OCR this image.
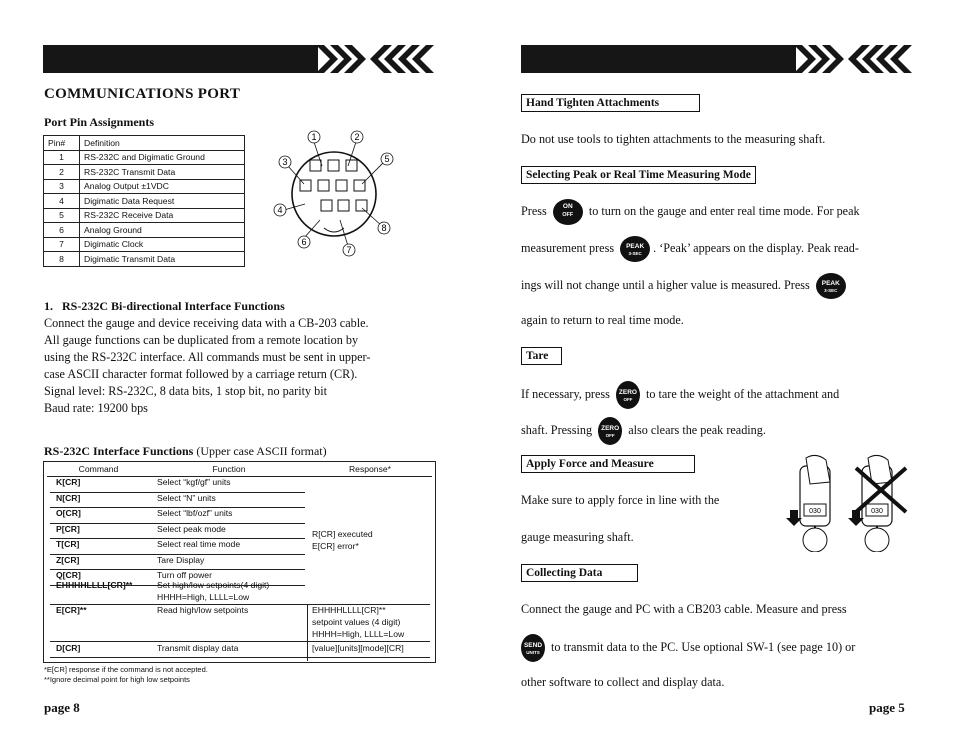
COMMUNICATIONS PORT
Port Pin Assignments
Pin#	Definition
1	RS-232C and Digimatic Ground
2	RS-232C Transmit Data
3	Analog Output ±1VDC
4	Digimatic Data Request
5	RS-232C Receive Data
6	Analog Ground
7	Digimatic Clock
8	Digimatic Transmit Data
1	2
3
4
5
6
7
8
1.   RS-232C Bi-directional Interface Functions
Connect the gauge and device receiving data with a CB-203 cable.
All gauge functions can be duplicated from a remote location by
using the RS-232C interface. All commands must be sent in upper-
case ASCII character format followed by a carriage return (CR).
Signal level: RS-232C, 8 data bits, 1 stop bit, no parity bit
Baud rate: 19200 bps
RS-232C Interface Functions (Upper case ASCII format)
Command	Function	Response*
K[CR]	Select “kgf/gf” units
N[CR]	Select “N” units
O[CR]	Select “lbf/ozf” units
P[CR]	Select peak mode
T[CR]	Select real time mode
Z[CR]	Tare Display
Q[CR]	Turn off power
R[CR] executed
E[CR] error*
EHHHHLLLL[CR]**	Set high/low setpoints(4 digit)
HHHH=High, LLLL=Low
E[CR]**	Read high/low setpoints	EHHHHLLLL[CR]**
setpoint values (4 digit)
HHHH=High, LLLL=Low
D[CR]	Transmit display data	[value][units][mode][CR]
*E[CR] response if the command is not accepted.
**Ignore decimal point for high low setpoints
page 8
Hand Tighten Attachments
Do not use tools to tighten attachments to the measuring shaft.
Selecting Peak or Real Time Measuring Mode
Press	ON
OFF	to turn on the gauge and enter real time mode. For peak
measurement press	PEAK
3-SEC . ‘Peak’ appears on the display. Peak read-
ings will not change until a higher value is measured. Press	PEAK
3-SEC
again to return to real time mode.
Tare
If necessary, press	ZERO
OFF	to tare the weight of the attachment and
shaft. Pressing	ZERO
OFF	also clears the peak reading.
Apply Force and Measure
Make sure to apply force in line with the
gauge measuring shaft.
030	030
Collecting Data
Connect the gauge and PC with a CB203 cable. Measure and press
SEND
UNITS to transmit data to the PC. Use optional SW-1 (see page 10) or
other software to collect and display data.
page 5
